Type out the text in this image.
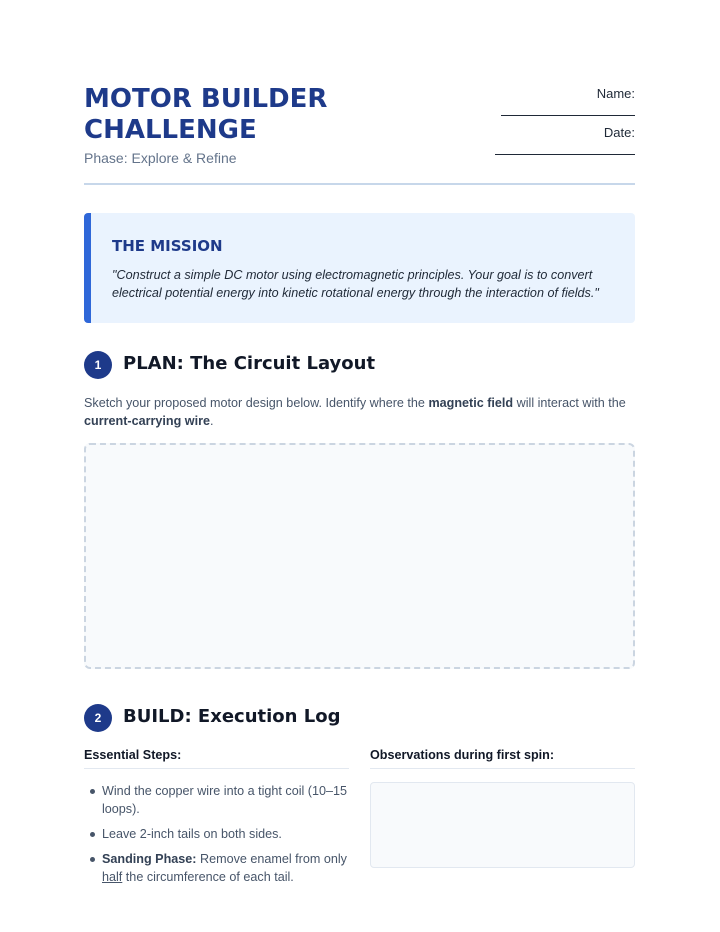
MOTOR BUILDER
CHALLENGE
Phase: Explore & Refine
Name:
Date:
THE MISSION
"Construct a simple DC motor using electromagnetic principles. Your goal is to convert electrical potential energy into kinetic rotational energy through the interaction of fields."
1	PLAN: The Circuit Layout
Sketch your proposed motor design below. Identify where the magnetic field will interact with the current-carrying wire.
2	BUILD: Execution Log
Essential Steps:	Observations during first spin:
Wind the copper wire into a tight coil (10–15 loops).
Leave 2-inch tails on both sides.
Sanding Phase: Remove enamel from only half the circumference of each tail.
